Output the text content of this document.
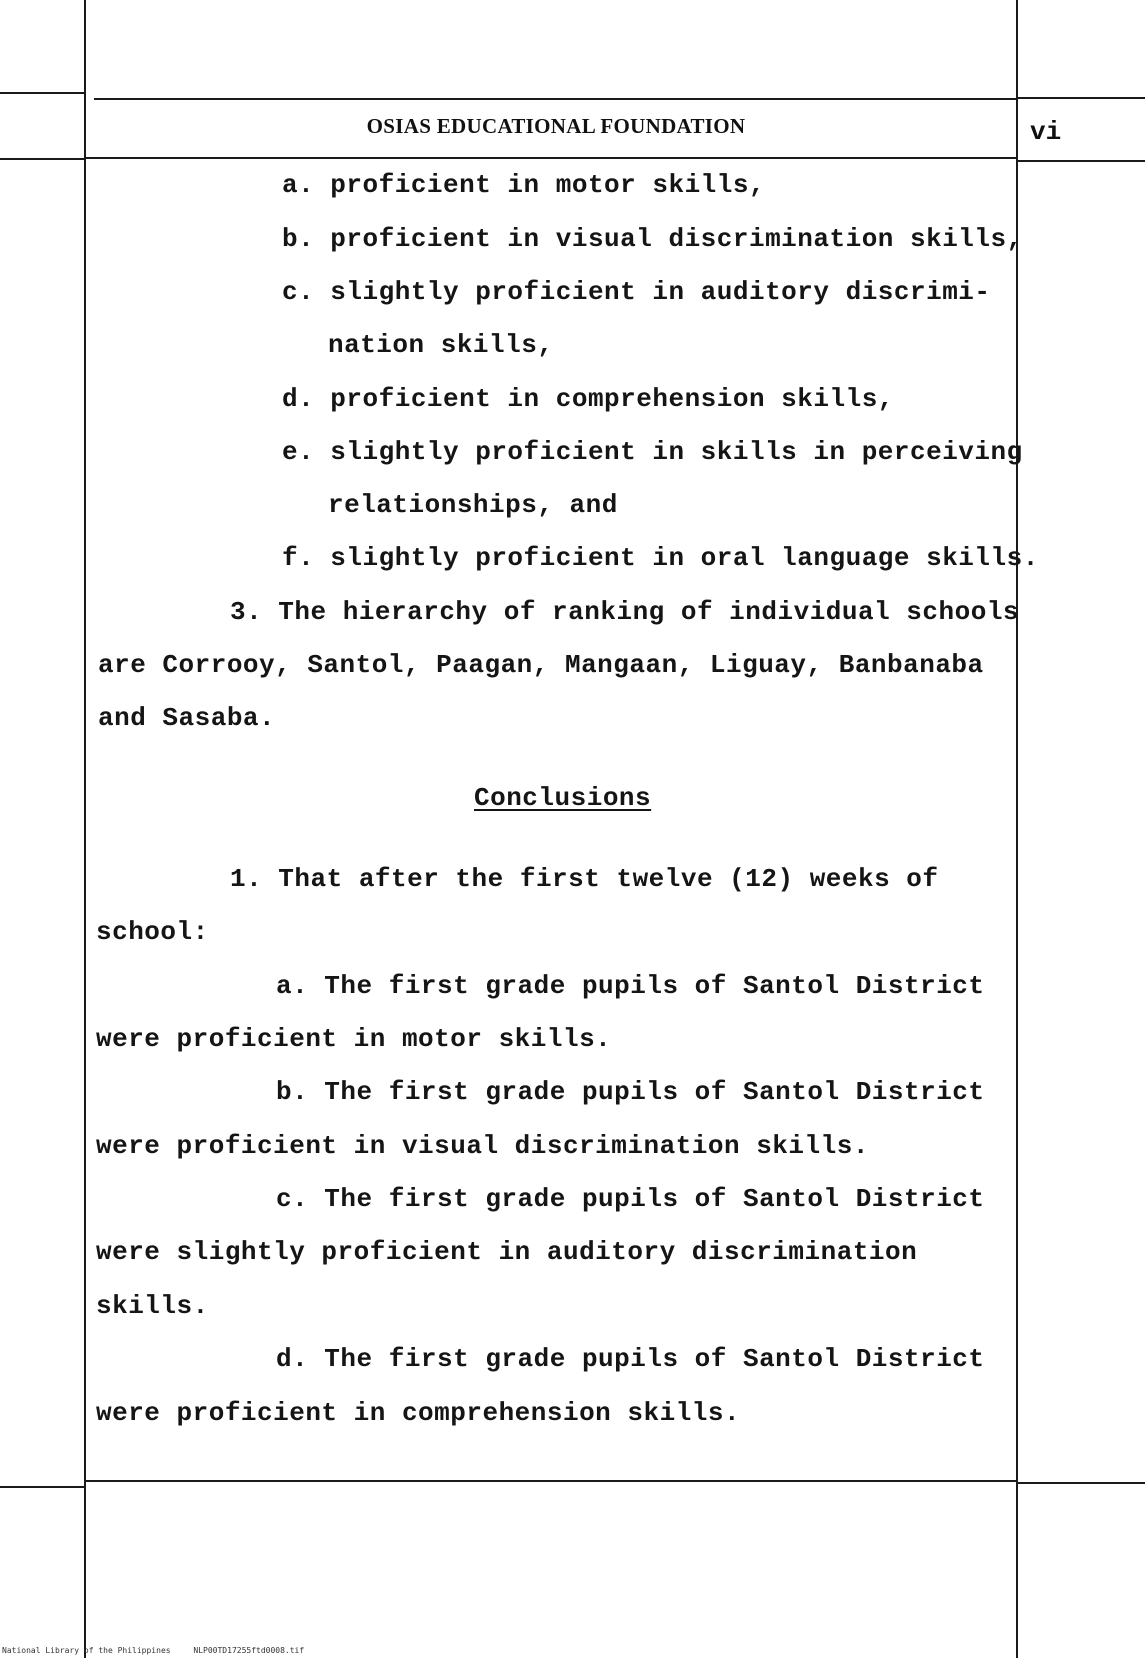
OSIAS EDUCATIONAL FOUNDATION	vi
a. proficient in motor skills,
b. proficient in visual discrimination skills,
c. slightly proficient in auditory discrimi-
nation skills,
d. proficient in comprehension skills,
e. slightly proficient in skills in perceiving
relationships, and
f. slightly proficient in oral language skills.
3. The hierarchy of ranking of individual schools
are Corrooy, Santol, Paagan, Mangaan, Liguay, Banbanaba
and Sasaba.
Conclusions
1. That after the first twelve (12) weeks of
school:
a. The first grade pupils of Santol District
were proficient in motor skills.
b. The first grade pupils of Santol District
were proficient in visual discrimination skills.
c. The first grade pupils of Santol District
were slightly proficient in auditory discrimination
skills.
d. The first grade pupils of Santol District
were proficient in comprehension skills.
National Library of the Philippines	NLP00TD17255ftd0008.tif
